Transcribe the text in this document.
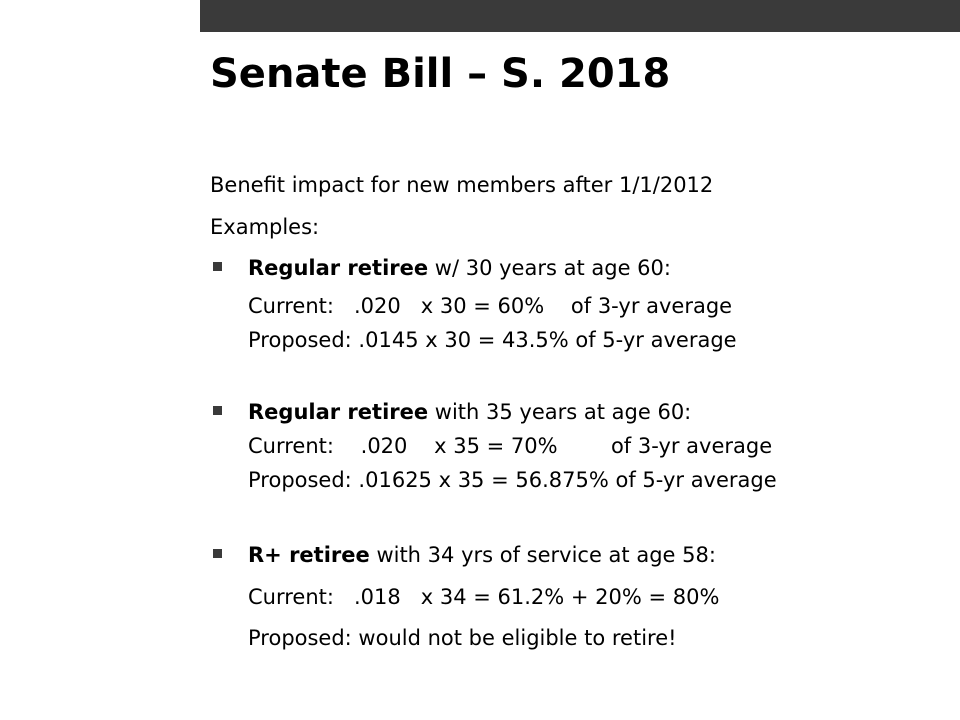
Senate Bill – S. 2018
Benefit impact for new members after 1/1/2012
Examples:
Regular retiree w/ 30 years at age 60:
Current:   .020   x 30 = 60%    of 3-yr average
Proposed: .0145 x 30 = 43.5% of 5-yr average
Regular retiree with 35 years at age 60:
Current:    .020    x 35 = 70%        of 3-yr average
Proposed: .01625 x 35 = 56.875% of 5-yr average
R+ retiree with 34 yrs of service at age 58:
Current:   .018   x 34 = 61.2% + 20% = 80%
Proposed: would not be eligible to retire!
